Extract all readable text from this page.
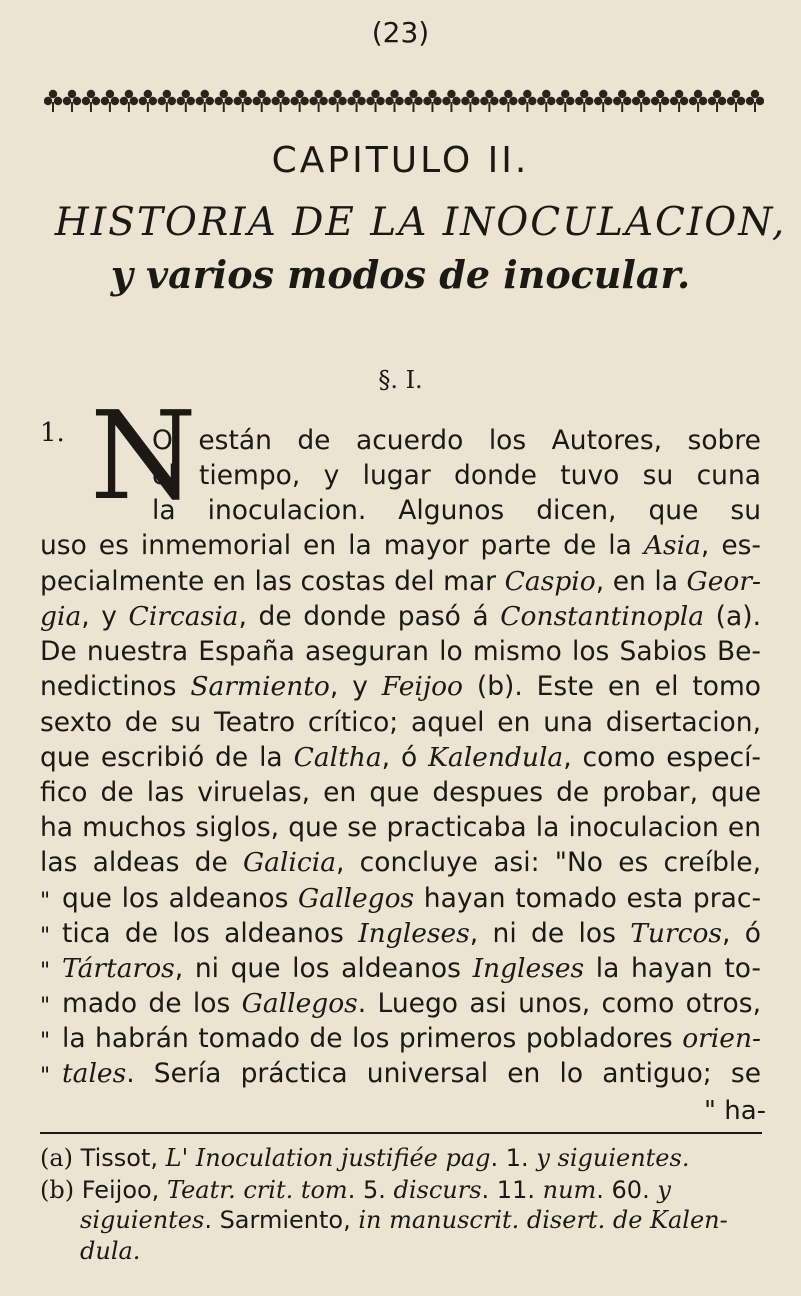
(23)
CAPITULO II.
HISTORIA DE LA INOCULACION,
y varios modos de inocular.
§. I.
1. N
O están de acuerdo los Autores, sobre
el tiempo, y lugar donde tuvo su cuna
la inoculacion. Algunos dicen, que su
uso es inmemorial en la mayor parte de la Asia, es-
pecialmente en las costas del mar Caspio, en la Geor-
gia, y Circasia, de donde pasó á Constantinopla (a).
De nuestra España aseguran lo mismo los Sabios Be-
nedictinos Sarmiento, y Feijoo (b). Este en el tomo
sexto de su Teatro crítico; aquel en una disertacion,
que escribió de la Caltha, ó Kalendula, como especí-
fico de las viruelas, en que despues de probar, que
ha muchos siglos, que se practicaba la inoculacion en
las aldeas de Galicia, concluye asi: "No es creíble,
" que los aldeanos Gallegos hayan tomado esta prac-
" tica de los aldeanos Ingleses, ni de los Turcos, ó
" Tártaros, ni que los aldeanos Ingleses la hayan to-
" mado de los Gallegos. Luego asi unos, como otros,
(a) Tissot, L' Inoculation justifiée pag. 1. y siguientes.
(b) Feijoo, Teatr. crit. tom. 5. discurs. 11. num. 60. y
siguientes. Sarmiento, in manuscrit. disert. de Kalen-
dula.
" la habrán tomado de los primeros pobladores orien-
tales. Sería práctica universal en lo antiguo; se
"
" ha-
